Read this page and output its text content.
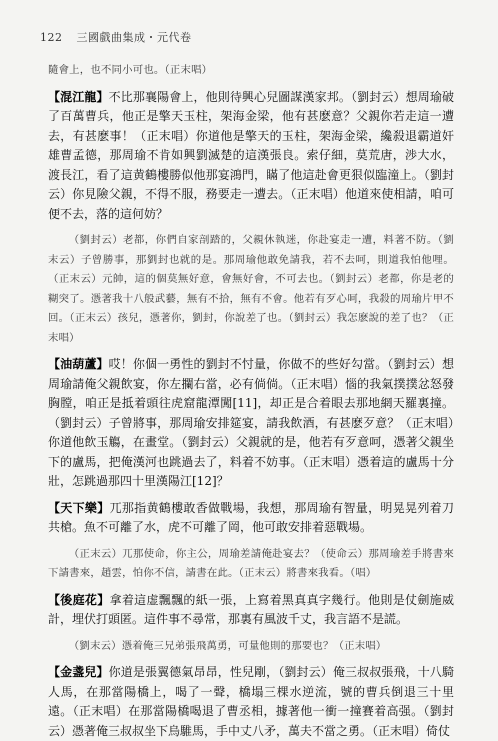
122 三國戲曲集成・元代卷

隨會上，也不同小可也。（正末唱）

【混江龍】不比那襄陽會上，他則待興心兒圖謀漢家邦。（劉封云）想周瑜破了百萬曹兵，他正是擎天玉柱，架海金梁，他有甚麽意？父親你若走這一遭去，有甚麽事！（正末唱）你道他是擎天的玉柱，架海金梁，纔殺退霸道奸雄曹孟德，那周瑜不肯如興劉滅楚的這漢張良。索仔細，莫荒唐，渉大水，渡長江，看了這黄鶴樓勝似他那宴鴻門，瞞了他這赴會更狠似臨潼上。（劉封云）你見險父親，不得不服，務要走一遭去。（正末唱）他道來使相請，咱可便不去，落的這何妨？

（劉封云）老都，你們自家剖踏的，父親休執迷，你赴宴走一遭，料著不防。（劉末云）子曾勝事，那劉封也就的是。那周瑜他敢免請我，若不去呵，則道我怕他哩。（正末云）元帥，這的個莫無好意，會無好會，不可去也。（劉封云）老都，你是老的糊突了。憑著我十八般武藝，無有不拾，無有不會。他若有歹心呵，我殺的周瑜片甲不回。（正末云）孩兒，憑著你，劉封，你說差了也。（劉封云）我怎麽說的差了也？（正末唱）

【油葫蘆】哎！你個一勇性的劉封不忖量，你做不的些好勾當。（劉封云）想周瑜請俺父親飲宴，你左攔右當，必有倘倘。（正末唱）惱的我氣撲撲忿怒發胸膛，咱正是抵着頭往虎窟龍潭闖[11]，却正是合着眼去那地網天羅裏撞。（劉封云）子曾將事，那周瑜安排筵宴，請我飲酒，有甚麽歹意？（正末唱）你道他飲玉觴，在畫堂。（劉封云）父親就的是，他若有歹意呵，憑著父親坐下的盧馬，把俺漢河也跳過去了，料着不妨事。（正末唱）憑着這的盧馬十分壯，怎跳過那四十里漢陽江[12]？

【天下樂】兀那指黄鶴樓敢香做戰場，我想，那周瑜有智量，明晃晃列着刀共槍。魚不可離了水，虎不可離了岡，他可敢安排着惡戰場。

（正末云）兀那使命，你主公，周瑜差請俺赴宴去？（使命云）那周瑜差手將書來下請書來，趙雲，怕你不信，請書在此。（正末云）將書來我看。（唱）

【後庭花】拿着這虚飄飄的紙一張，上寫着黑真真字幾行。他則是仗劍施威計，埋伏打頭匿。這件事不尋常，那裏有風波千丈，我言語不是謊。

（劉末云）憑着俺三兄弟張飛萬勇，可量他則的那要也？（正末唱）

【金盞兒】你道是張翼德氣昂昂，性兒剛，（劉封云）俺三叔叔張飛，十八騎人馬，在那當陽橋上，喝了一聲，橋塌三棵水逆流，號的曹兵倒退三十里遠。（正末唱）在那當陽橋喝退了曹丞相，據著他一衝一撞賽着高强。（劉封云）憑著俺三叔叔坐下烏騅馬，手中丈八矛，萬夫不當之勇。（正末唱）倚仗
